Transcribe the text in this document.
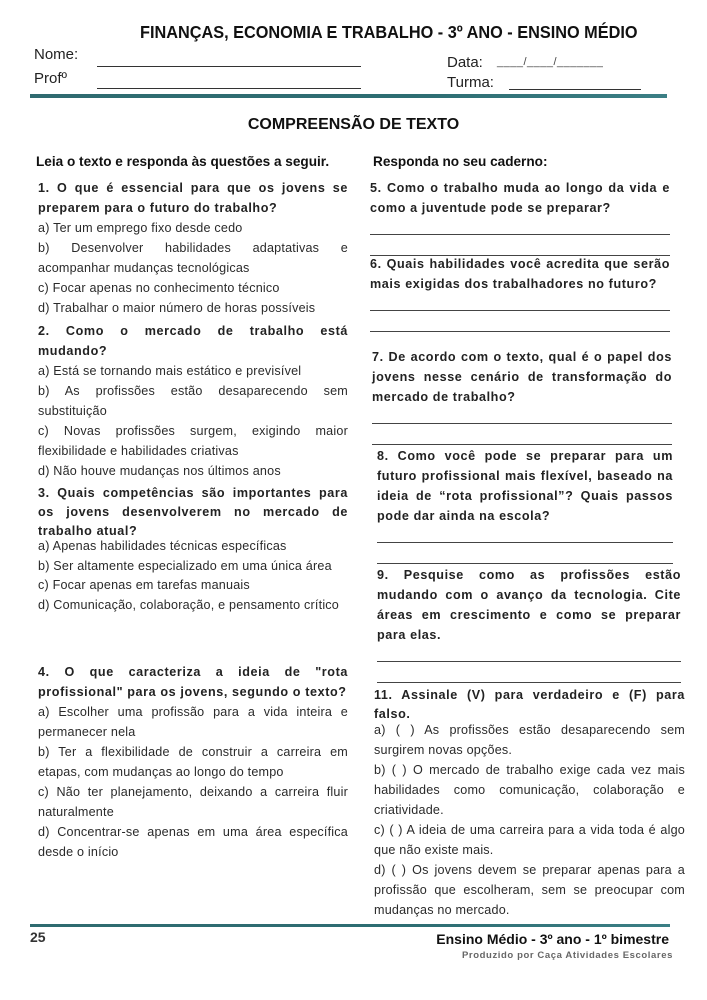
FINANÇAS, ECONOMIA E TRABALHO - 3º ANO - ENSINO MÉDIO
Nome:
Profº
Data: ____/____/_______
Turma:
COMPREENSÃO DE TEXTO
Leia o texto e responda às questões a seguir.
1. O que é essencial para que os jovens se preparem para o futuro do trabalho?
a) Ter um emprego fixo desde cedo
b) Desenvolver habilidades adaptativas e acompanhar mudanças tecnológicas
c) Focar apenas no conhecimento técnico
d) Trabalhar o maior número de horas possíveis
2. Como o mercado de trabalho está mudando?
a) Está se tornando mais estático e previsível
b) As profissões estão desaparecendo sem substituição
c) Novas profissões surgem, exigindo maior flexibilidade e habilidades criativas
d) Não houve mudanças nos últimos anos
3. Quais competências são importantes para os jovens desenvolverem no mercado de trabalho atual?
a) Apenas habilidades técnicas específicas
b) Ser altamente especializado em uma única área
c) Focar apenas em tarefas manuais
d) Comunicação, colaboração, e pensamento crítico
4. O que caracteriza a ideia de "rota profissional" para os jovens, segundo o texto?
a) Escolher uma profissão para a vida inteira e permanecer nela
b) Ter a flexibilidade de construir a carreira em etapas, com mudanças ao longo do tempo
c) Não ter planejamento, deixando a carreira fluir naturalmente
d) Concentrar-se apenas em uma área específica desde o início
Responda no seu caderno:
5. Como o trabalho muda ao longo da vida e como a juventude pode se preparar?
6. Quais habilidades você acredita que serão mais exigidas dos trabalhadores no futuro?
7. De acordo com o texto, qual é o papel dos jovens nesse cenário de transformação do mercado de trabalho?
8. Como você pode se preparar para um futuro profissional mais flexível, baseado na ideia de “rota profissional”? Quais passos pode dar ainda na escola?
9. Pesquise como as profissões estão mudando com o avanço da tecnologia. Cite áreas em crescimento e como se preparar para elas.
11. Assinale (V) para verdadeiro e (F) para falso.
a) ( ) As profissões estão desaparecendo sem surgirem novas opções.
b) ( ) O mercado de trabalho exige cada vez mais habilidades como comunicação, colaboração e criatividade.
c) ( ) A ideia de uma carreira para a vida toda é algo que não existe mais.
d) ( ) Os jovens devem se preparar apenas para a profissão que escolheram, sem se preocupar com mudanças no mercado.
25	Ensino Médio - 3º ano - 1º bimestre
Produzido por Caça Atividades Escolares
